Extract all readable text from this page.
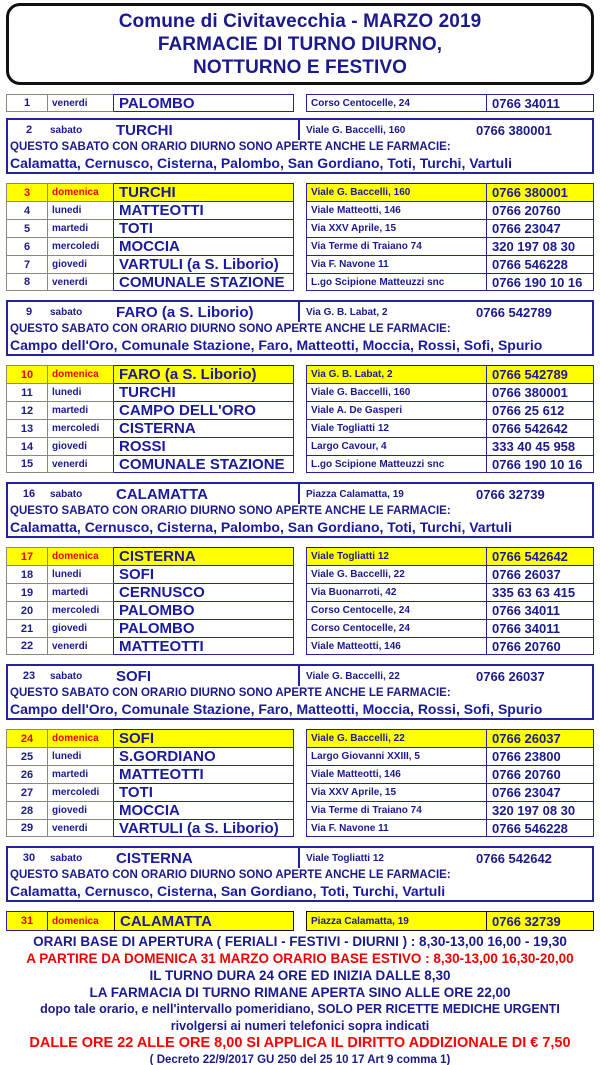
Comune di Civitavecchia - MARZO 2019
FARMACIE DI TURNO DIURNO,
NOTTURNO E FESTIVO
1 venerdi PALOMBO	Corso Centocelle, 24	0766 34011
2	sabato	TURCHI	Viale G. Baccelli, 160	0766 380001
QUESTO SABATO CON ORARIO DIURNO SONO APERTE ANCHE LE FARMACIE:
Calamatta, Cernusco, Cisterna, Palombo, San Gordiano, Toti, Turchi, Vartuli
3 domenica TURCHI	Viale G. Baccelli, 160	0766 380001
4 lunedi	MATTEOTTI	Viale Matteotti, 146	0766 20760
5 martedi TOTI	Via XXV Aprile, 15	0766 23047
6 mercoledi MOCCIA	Via Terme di Traiano 74	320 197 08 30
7 giovedi VARTULI (a S. Liborio)	Via F. Navone 11	0766 546228
8 venerdi COMUNALE STAZIONE	L.go Scipione Matteuzzi snc	0766 190 10 16
9	sabato	FARO (a S. Liborio)	Via G. B. Labat, 2	0766 542789
QUESTO SABATO CON ORARIO DIURNO SONO APERTE ANCHE LE FARMACIE:
Campo dell'Oro, Comunale Stazione, Faro, Matteotti, Moccia, Rossi, Sofi, Spurio
10 domenica FARO (a S. Liborio)	Via G. B. Labat, 2	0766 542789
11 lunedi	TURCHI	Viale G. Baccelli, 160	0766 380001
12 martedi CAMPO DELL'ORO	Viale A. De Gasperi	0766 25 612
13 mercoledi CISTERNA	Viale Togliatti 12	0766 542642
14 giovedi ROSSI	Largo Cavour, 4	333 40 45 958
15 venerdi COMUNALE STAZIONE	L.go Scipione Matteuzzi snc	0766 190 10 16
16	sabato	CALAMATTA	Piazza Calamatta, 19	0766 32739
QUESTO SABATO CON ORARIO DIURNO SONO APERTE ANCHE LE FARMACIE:
Calamatta, Cernusco, Cisterna, Palombo, San Gordiano, Toti, Turchi, Vartuli
17 domenica CISTERNA	Viale Togliatti 12	0766 542642
18 lunedi	SOFI	Viale G. Baccelli, 22	0766 26037
19 martedi CERNUSCO	Via Buonarroti, 42	335 63 63 415
20 mercoledi PALOMBO	Corso Centocelle, 24	0766 34011
21 giovedi PALOMBO	Corso Centocelle, 24	0766 34011
22 venerdi MATTEOTTI	Viale Matteotti, 146	0766 20760
23	sabato	SOFI	Viale G. Baccelli, 22	0766 26037
QUESTO SABATO CON ORARIO DIURNO SONO APERTE ANCHE LE FARMACIE:
Campo dell'Oro, Comunale Stazione, Faro, Matteotti, Moccia, Rossi, Sofi, Spurio
24 domenica SOFI	Viale G. Baccelli, 22	0766 26037
25 lunedi	S.GORDIANO	Largo Giovanni XXIII, 5	0766 23800
26 martedi MATTEOTTI	Viale Matteotti, 146	0766 20760
27 mercoledi TOTI	Via XXV Aprile, 15	0766 23047
28 giovedi MOCCIA	Via Terme di Traiano 74	320 197 08 30
29 venerdi VARTULI (a S. Liborio)	Via F. Navone 11	0766 546228
30	sabato	CISTERNA	Viale Togliatti 12	0766 542642
QUESTO SABATO CON ORARIO DIURNO SONO APERTE ANCHE LE FARMACIE:
Calamatta, Cernusco, Cisterna, San Gordiano, Toti, Turchi, Vartuli
31 domenica CALAMATTA	Piazza Calamatta, 19	0766 32739
ORARI BASE DI APERTURA ( FERIALI - FESTIVI - DIURNI ) : 8,30-13,00 16,00 - 19,30
A PARTIRE DA DOMENICA 31 MARZO ORARIO BASE ESTIVO : 8,30-13,00 16,30-20,00
IL TURNO DURA 24 ORE ED INIZIA DALLE 8,30
LA FARMACIA DI TURNO RIMANE APERTA SINO ALLE ORE 22,00
dopo tale orario, e nell'intervallo pomeridiano, SOLO PER RICETTE MEDICHE URGENTI
rivolgersi ai numeri telefonici sopra indicati
DALLE ORE 22 ALLE ORE 8,00 SI APPLICA IL DIRITTO ADDIZIONALE DI € 7,50
( Decreto 22/9/2017 GU 250 del 25 10 17 Art 9 comma 1)
